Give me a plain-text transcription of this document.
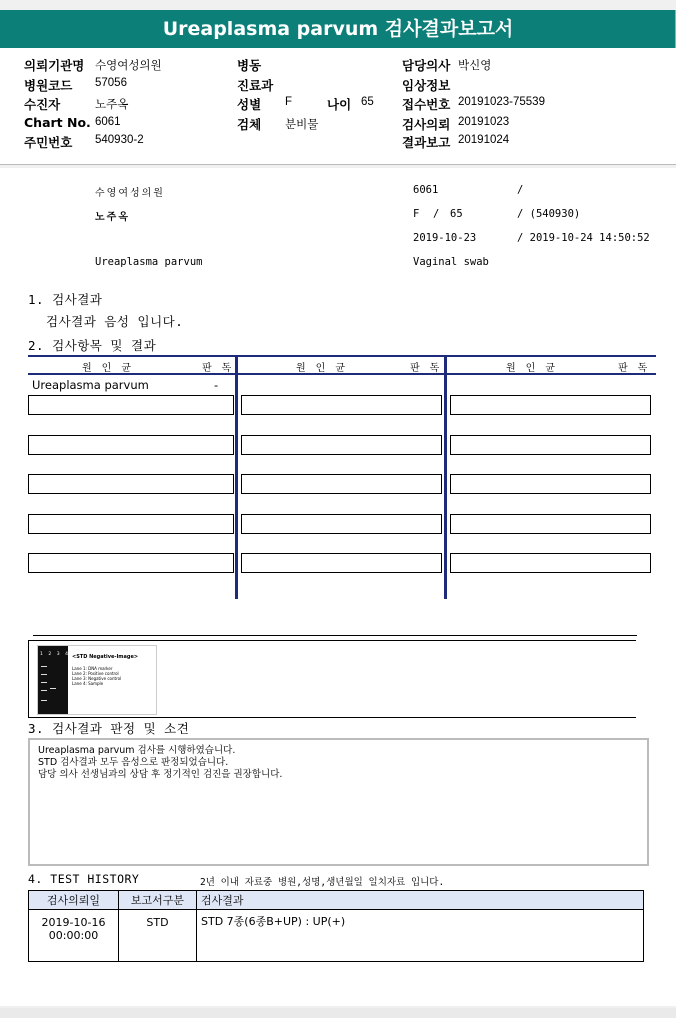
Ureaplasma parvum 검사결과보고서
의뢰기관명 수영여성의원
병원코드 57056
수진자	노주옥
Chart No. 6061
주민번호 540930-2
병동
진료과
성별 F	나이 65
검체 분비물
담당의사 박신영
임상정보
접수번호 20191023-75539
검사의뢰 20191023
결과보고 20191024
수영여성의원
노주옥
Ureaplasma parvum
6061	/
F / 65	/ (540930)
2019-10-23	/ 2019-10-24 14:50:52
Vaginal swab
1. 검사결과
검사결과 음성 입니다.
2. 검사항목 및 결과
원 인 균	판 독	원 인 균	판 독	원 인 균	판 독
Ureaplasma parvum	-
1 2 3 4 <STD Negative-Image>
Lane 1: DNA marker
Lane 2: Positive control
Lane 3: Negative control
Lane 4: Sample
3. 검사결과 판정 및 소견
Ureaplasma parvum 검사를 시행하였습니다.
STD 검사결과 모두 음성으로 판정되었습니다.
담당 의사 선생님과의 상담 후 정기적인 검진을 권장합니다.
4. TEST HISTORY	2년 이내 자료중 병원,성명,생년월일 일치자료 입니다.
검사의뢰일	보고서구분	검사결과

2019-10-16
00:00:00	STD	STD 7종(6종B+UP) : UP(+)
